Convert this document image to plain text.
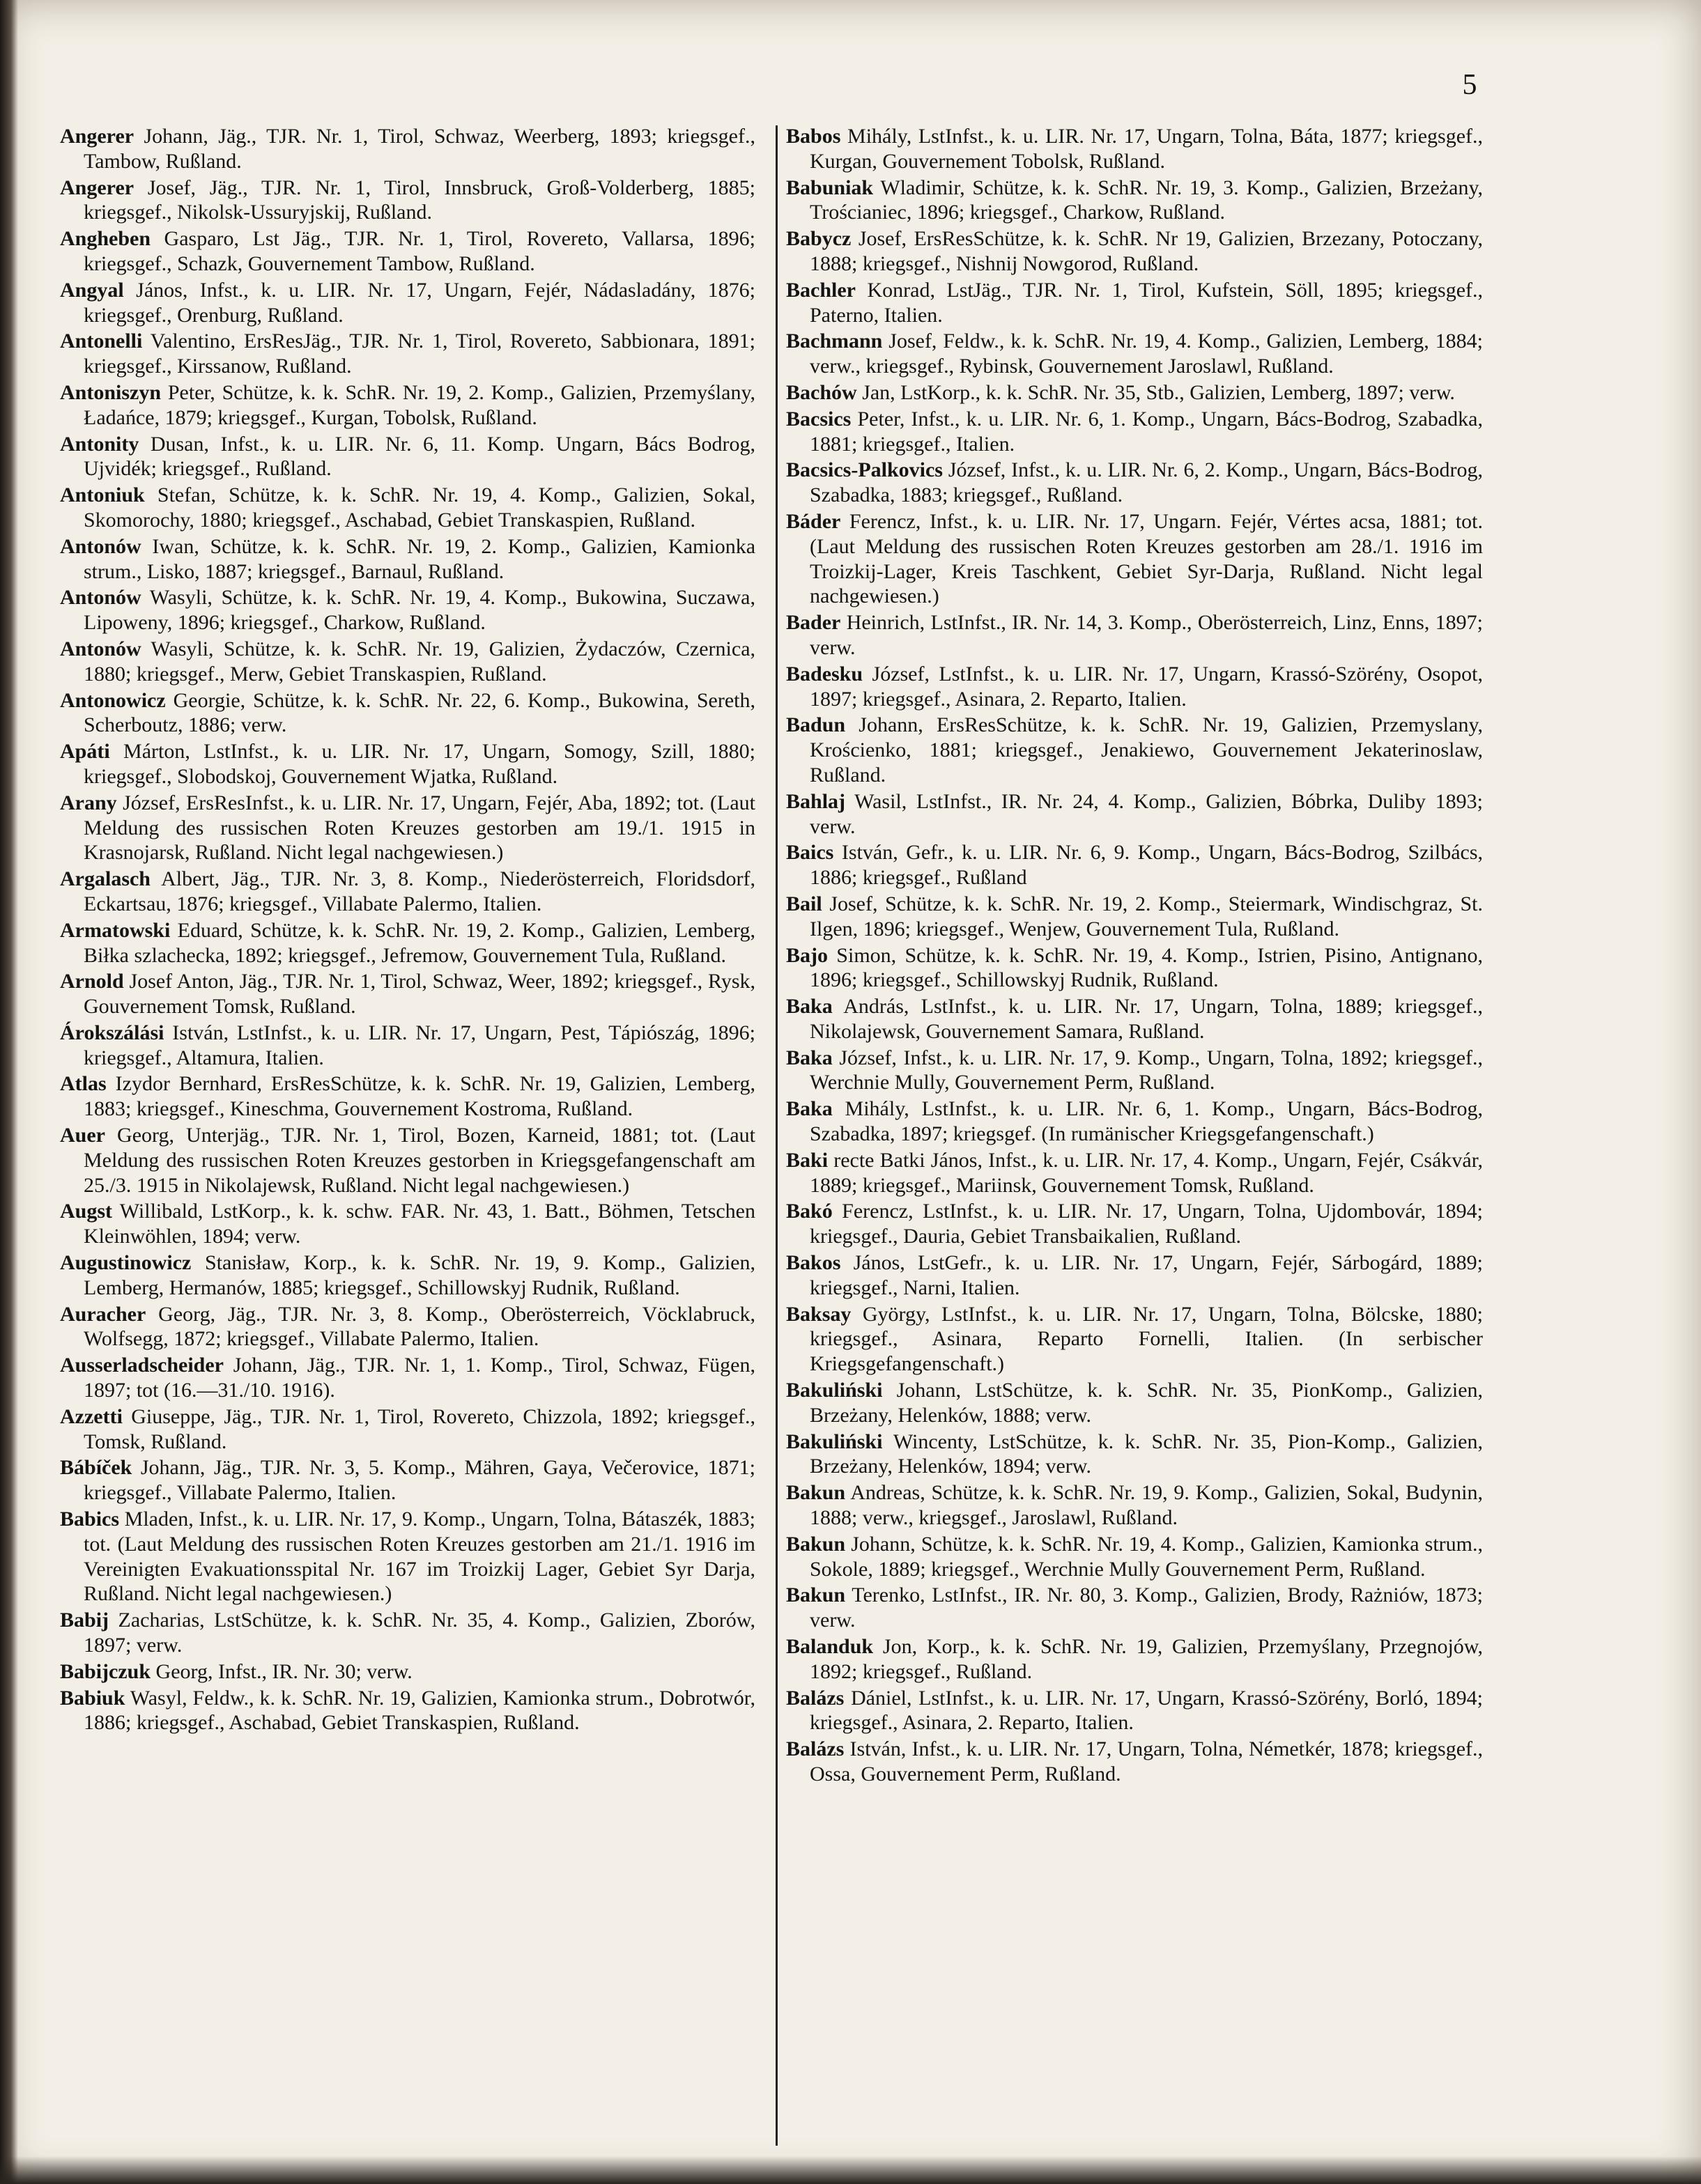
5

Angerer Johann, Jäg., TJR. Nr. 1, Tirol, Schwaz, Weerberg, 1893; kriegsgef., Tambow, Rußland.

Angerer Josef, Jäg., TJR. Nr. 1, Tirol, Innsbruck, Groß-Volderberg, 1885; kriegsgef., Nikolsk-Ussuryjskij, Rußland.

Angheben Gasparo, Lst Jäg., TJR. Nr. 1, Tirol, Rovereto, Vallarsa, 1896; kriegsgef., Schazk, Gouvernement Tambow, Rußland.

Angyal János, Infst., k. u. LIR. Nr. 17, Ungarn, Fejér, Nádasladány, 1876; kriegsgef., Orenburg, Rußland.

Antonelli Valentino, ErsResJäg., TJR. Nr. 1, Tirol, Rovereto, Sabbionara, 1891; kriegsgef., Kirssanow, Rußland.

Antoniszyn Peter, Schütze, k. k. SchR. Nr. 19, 2. Komp., Galizien, Przemyślany, Ładańce, 1879; kriegsgef., Kurgan, Tobolsk, Rußland.

Antonity Dusan, Infst., k. u. LIR. Nr. 6, 11. Komp. Ungarn, Bács Bodrog, Ujvidék; kriegsgef., Rußland.

Antoniuk Stefan, Schütze, k. k. SchR. Nr. 19, 4. Komp., Galizien, Sokal, Skomorochy, 1880; kriegsgef., Aschabad, Gebiet Transkaspien, Rußland.

Antonów Iwan, Schütze, k. k. SchR. Nr. 19, 2. Komp., Galizien, Kamionka strum., Lisko, 1887; kriegsgef., Barnaul, Rußland.

Antonów Wasyli, Schütze, k. k. SchR. Nr. 19, 4. Komp., Bukowina, Suczawa, Lipoweny, 1896; kriegsgef., Charkow, Rußland.

Antonów Wasyli, Schütze, k. k. SchR. Nr. 19, Galizien, Żydaczów, Czernica, 1880; kriegsgef., Merw, Gebiet Transkaspien, Rußland.

Antonowicz Georgie, Schütze, k. k. SchR. Nr. 22, 6. Komp., Bukowina, Sereth, Scherboutz, 1886; verw.

Apáti Márton, LstInfst., k. u. LIR. Nr. 17, Ungarn, Somogy, Szill, 1880; kriegsgef., Slobodskoj, Gouvernement Wjatka, Rußland.

Arany József, ErsResInfst., k. u. LIR. Nr. 17, Ungarn, Fejér, Aba, 1892; tot. (Laut Meldung des russischen Roten Kreuzes gestorben am 19./1. 1915 in Krasnojarsk, Rußland. Nicht legal nachgewiesen.)

Argalasch Albert, Jäg., TJR. Nr. 3, 8. Komp., Niederösterreich, Floridsdorf, Eckartsau, 1876; kriegsgef., Villabate Palermo, Italien.

Armatowski Eduard, Schütze, k. k. SchR. Nr. 19, 2. Komp., Galizien, Lemberg, Biłka szlachecka, 1892; kriegsgef., Jefremow, Gouvernement Tula, Rußland.

Arnold Josef Anton, Jäg., TJR. Nr. 1, Tirol, Schwaz, Weer, 1892; kriegsgef., Rysk, Gouvernement Tomsk, Rußland.

Árokszálási István, LstInfst., k. u. LIR. Nr. 17, Ungarn, Pest, Tápiószág, 1896; kriegsgef., Altamura, Italien.

Atlas Izydor Bernhard, ErsResSchütze, k. k. SchR. Nr. 19, Galizien, Lemberg, 1883; kriegsgef., Kineschma, Gouvernement Kostroma, Rußland.

Auer Georg, Unterjäg., TJR. Nr. 1, Tirol, Bozen, Karneid, 1881; tot. (Laut Meldung des russischen Roten Kreuzes gestorben in Kriegsgefangenschaft am 25./3. 1915 in Nikolajewsk, Rußland. Nicht legal nachgewiesen.)

Augst Willibald, LstKorp., k. k. schw. FAR. Nr. 43, 1. Batt., Böhmen, Tetschen Kleinwöhlen, 1894; verw.

Augustinowicz Stanisław, Korp., k. k. SchR. Nr. 19, 9. Komp., Galizien, Lemberg, Hermanów, 1885; kriegsgef., Schillowskyj Rudnik, Rußland.

Auracher Georg, Jäg., TJR. Nr. 3, 8. Komp., Oberösterreich, Vöcklabruck, Wolfsegg, 1872; kriegsgef., Villabate Palermo, Italien.

Ausserladscheider Johann, Jäg., TJR. Nr. 1, 1. Komp., Tirol, Schwaz, Fügen, 1897; tot (16.—31./10. 1916).

Azzetti Giuseppe, Jäg., TJR. Nr. 1, Tirol, Rovereto, Chizzola, 1892; kriegsgef., Tomsk, Rußland.

Bábíček Johann, Jäg., TJR. Nr. 3, 5. Komp., Mähren, Gaya, Večerovice, 1871; kriegsgef., Villabate Palermo, Italien.

Babics Mladen, Infst., k. u. LIR. Nr. 17, 9. Komp., Ungarn, Tolna, Bátaszék, 1883; tot. (Laut Meldung des russischen Roten Kreuzes gestorben am 21./1. 1916 im Vereinigten Evakuationsspital Nr. 167 im Troizkij Lager, Gebiet Syr Darja, Rußland. Nicht legal nachgewiesen.)

Babij Zacharias, LstSchütze, k. k. SchR. Nr. 35, 4. Komp., Galizien, Zborów, 1897; verw.

Babijczuk Georg, Infst., IR. Nr. 30; verw.

Babiuk Wasyl, Feldw., k. k. SchR. Nr. 19, Galizien, Kamionka strum., Dobrotwór, 1886; kriegsgef., Aschabad, Gebiet Transkaspien, Rußland.

Babos Mihály, LstInfst., k. u. LIR. Nr. 17, Ungarn, Tolna, Báta, 1877; kriegsgef., Kurgan, Gouvernement Tobolsk, Rußland.

Babuniak Wladimir, Schütze, k. k. SchR. Nr. 19, 3. Komp., Galizien, Brzeżany, Trościaniec, 1896; kriegsgef., Charkow, Rußland.

Babycz Josef, ErsResSchütze, k. k. SchR. Nr 19, Galizien, Brzezany, Potoczany, 1888; kriegsgef., Nishnij Nowgorod, Rußland.

Bachler Konrad, LstJäg., TJR. Nr. 1, Tirol, Kufstein, Söll, 1895; kriegsgef., Paterno, Italien.

Bachmann Josef, Feldw., k. k. SchR. Nr. 19, 4. Komp., Galizien, Lemberg, 1884; verw., kriegsgef., Rybinsk, Gouvernement Jaroslawl, Rußland.

Bachów Jan, LstKorp., k. k. SchR. Nr. 35, Stb., Galizien, Lemberg, 1897; verw.

Bacsics Peter, Infst., k. u. LIR. Nr. 6, 1. Komp., Ungarn, Bács-Bodrog, Szabadka, 1881; kriegsgef., Italien.

Bacsics-Palkovics József, Infst., k. u. LIR. Nr. 6, 2. Komp., Ungarn, Bács-Bodrog, Szabadka, 1883; kriegsgef., Rußland.

Báder Ferencz, Infst., k. u. LIR. Nr. 17, Ungarn. Fejér, Vértes acsa, 1881; tot. (Laut Meldung des russischen Roten Kreuzes gestorben am 28./1. 1916 im Troizkij-Lager, Kreis Taschkent, Gebiet Syr-Darja, Rußland. Nicht legal nachgewiesen.)

Bader Heinrich, LstInfst., IR. Nr. 14, 3. Komp., Oberösterreich, Linz, Enns, 1897; verw.

Badesku József, LstInfst., k. u. LIR. Nr. 17, Ungarn, Krassó-Szörény, Osopot, 1897; kriegsgef., Asinara, 2. Reparto, Italien.

Badun Johann, ErsResSchütze, k. k. SchR. Nr. 19, Galizien, Przemyslany, Krościenko, 1881; kriegsgef., Jenakiewo, Gouvernement Jekaterinoslaw, Rußland.

Bahlaj Wasil, LstInfst., IR. Nr. 24, 4. Komp., Galizien, Bóbrka, Duliby 1893; verw.

Baics István, Gefr., k. u. LIR. Nr. 6, 9. Komp., Ungarn, Bács-Bodrog, Szilbács, 1886; kriegsgef., Rußland

Bail Josef, Schütze, k. k. SchR. Nr. 19, 2. Komp., Steiermark, Windischgraz, St. Ilgen, 1896; kriegsgef., Wenjew, Gouvernement Tula, Rußland.

Bajo Simon, Schütze, k. k. SchR. Nr. 19, 4. Komp., Istrien, Pisino, Antignano, 1896; kriegsgef., Schillowskyj Rudnik, Rußland.

Baka András, LstInfst., k. u. LIR. Nr. 17, Ungarn, Tolna, 1889; kriegsgef., Nikolajewsk, Gouvernement Samara, Rußland.

Baka József, Infst., k. u. LIR. Nr. 17, 9. Komp., Ungarn, Tolna, 1892; kriegsgef., Werchnie Mully, Gouvernement Perm, Rußland.

Baka Mihály, LstInfst., k. u. LIR. Nr. 6, 1. Komp., Ungarn, Bács-Bodrog, Szabadka, 1897; kriegsgef. (In rumänischer Kriegsgefangenschaft.)

Baki recte Batki János, Infst., k. u. LIR. Nr. 17, 4. Komp., Ungarn, Fejér, Csákvár, 1889; kriegsgef., Mariinsk, Gouvernement Tomsk, Rußland.

Bakó Ferencz, LstInfst., k. u. LIR. Nr. 17, Ungarn, Tolna, Ujdombovár, 1894; kriegsgef., Dauria, Gebiet Transbaikalien, Rußland.

Bakos János, LstGefr., k. u. LIR. Nr. 17, Ungarn, Fejér, Sárbogárd, 1889; kriegsgef., Narni, Italien.

Baksay György, LstInfst., k. u. LIR. Nr. 17, Ungarn, Tolna, Bölcske, 1880; kriegsgef., Asinara, Reparto Fornelli, Italien. (In serbischer Kriegsgefangenschaft.)

Bakuliński Johann, LstSchütze, k. k. SchR. Nr. 35, PionKomp., Galizien, Brzeżany, Helenków, 1888; verw.

Bakuliński Wincenty, LstSchütze, k. k. SchR. Nr. 35, Pion-Komp., Galizien, Brzeżany, Helenków, 1894; verw.

Bakun Andreas, Schütze, k. k. SchR. Nr. 19, 9. Komp., Galizien, Sokal, Budynin, 1888; verw., kriegsgef., Jaroslawl, Rußland.

Bakun Johann, Schütze, k. k. SchR. Nr. 19, 4. Komp., Galizien, Kamionka strum., Sokole, 1889; kriegsgef., Werchnie Mully Gouvernement Perm, Rußland.

Bakun Terenko, LstInfst., IR. Nr. 80, 3. Komp., Galizien, Brody, Rażniów, 1873; verw.

Balanduk Jon, Korp., k. k. SchR. Nr. 19, Galizien, Przemyślany, Przegnojów, 1892; kriegsgef., Rußland.

Balázs Dániel, LstInfst., k. u. LIR. Nr. 17, Ungarn, Krassó-Szörény, Borló, 1894; kriegsgef., Asinara, 2. Reparto, Italien.

Balázs István, Infst., k. u. LIR. Nr. 17, Ungarn, Tolna, Németkér, 1878; kriegsgef., Ossa, Gouvernement Perm, Rußland.
